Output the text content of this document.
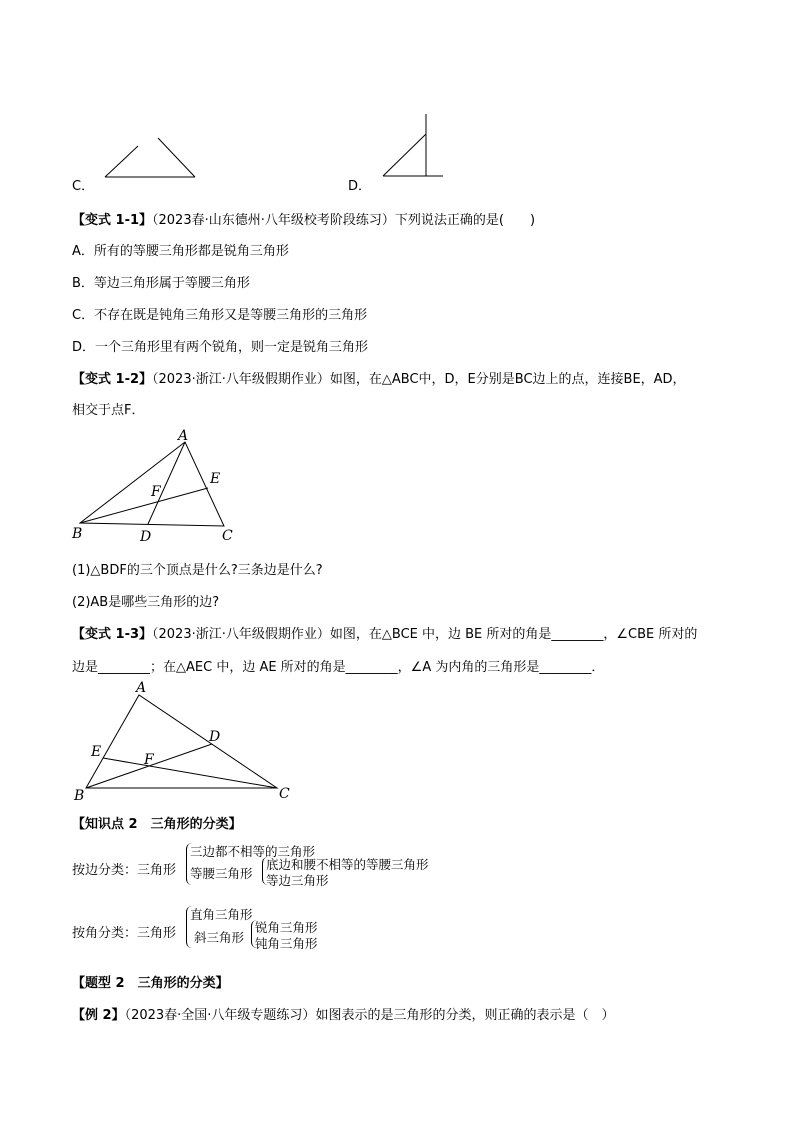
C．	D．
【变式 1-1】（2023春·山东德州·八年级校考阶段练习）下列说法正确的是(　　)
A．所有的等腰三角形都是锐角三角形
B．等边三角形属于等腰三角形
C．不存在既是钝角三角形又是等腰三角形的三角形
D．一个三角形里有两个锐角，则一定是锐角三角形
【变式 1-2】（2023·浙江·八年级假期作业）如图，在△ABC中，D，E分别是BC边上的点，连接BE，AD，
相交于点F．
A
E
F
B	D	C
(1)△BDF的三个顶点是什么?三条边是什么?
(2)AB是哪些三角形的边?
【变式 1-3】（2023·浙江·八年级假期作业）如图，在△BCE 中，边 BE 所对的角是________，∠CBE 所对的
边是________；在△AEC 中，边 AE 所对的角是________，∠A 为内角的三角形是________．
A
D
E	F
B	C
【知识点 2　三角形的分类】
按边分类：三角形
三边都不相等的三角形
等腰三角形
底边和腰不相等的等腰三角形
等边三角形
按角分类：三角形
直角三角形
斜三角形
锐角三角形
钝角三角形
【题型 2　三角形的分类】
【例 2】（2023春·全国·八年级专题练习）如图表示的是三角形的分类，则正确的表示是（　）
